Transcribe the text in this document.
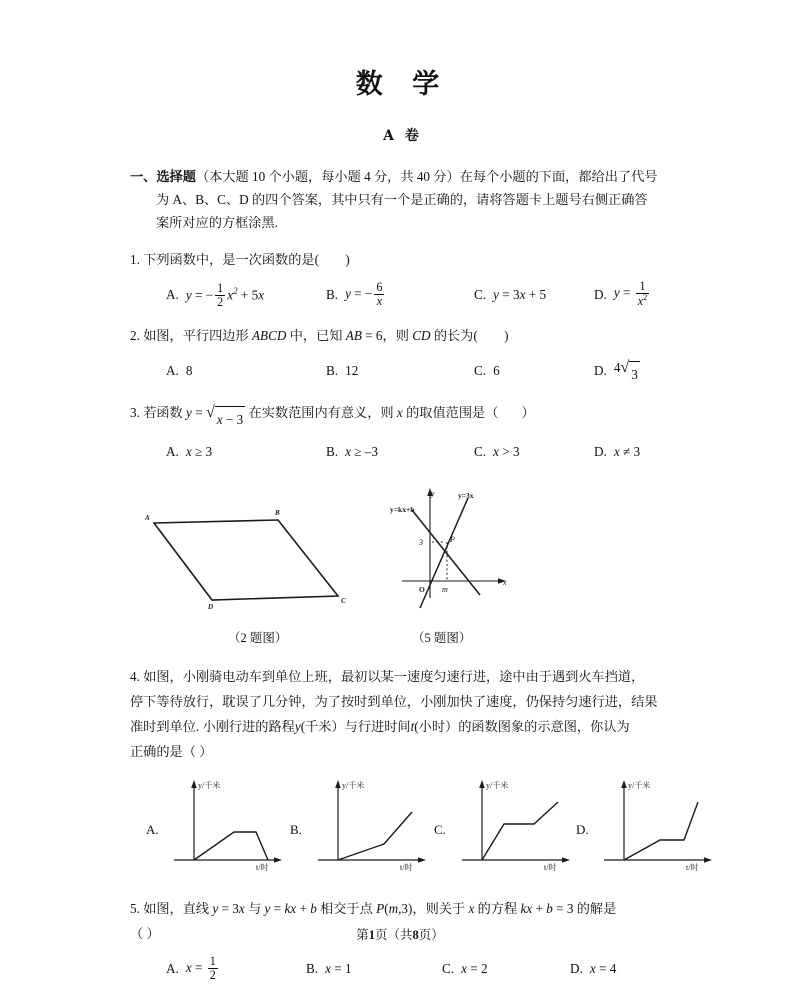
数 学
A 卷
一、选择题（本大题 10 个小题，每小题 4 分，共 40 分）在每个小题的下面，都给出了代号
为 A、B、C、D 的四个答案，其中只有一个是正确的，请将答题卡上题号右侧正确答
案所对应的方框涂黑.
1. 下列函数中，是一次函数的是(        )
A. y = − $\frac{1}{2} x^2 + 5x$	B. y = − $\frac{6}{x}$	C. y = 3x + 5	D. $y = \frac{1}{x^2}$
2. 如图，平行四边形 ABCD 中，已知 AB = 6，则 CD 的长为(        )
A. 8	B. 12	C. 6	D. 4 √ 3
3. 若函数 y = √ x − 3 在实数范围内有意义，则 x 的取值范围是（       ）
A. x ≥ 3	B. x ≥ –3	C. x > 3	D. x ≠ 3
A
B
C
D
y
x
O m
P
3
y=kx+b
y=3x
（2 题图）	（5 题图）
4. 如图，小刚骑电动车到单位上班，最初以某一速度匀速行进，途中由于遇到火车挡道，
停下等待放行，耽误了几分钟，为了按时到单位，小刚加快了速度，仍保持匀速行进，结果
准时到单位. 小刚行进的路程y(千米）与行进时间t(小时）的函数图象的示意图，你认为
正确的是（ ）
A.
y/千米
t/时
B.
y/千米
t/时
C.
y/千米
t/时
D.
y/千米
t/时
5. 如图，直线 y = 3x 与 y = kx + b 相交于点 P(m,3)，则关于 x 的方程 kx + b = 3 的解是
（ ）
A. $x = \frac{1}{2}$	B. x = 1	C. x = 2	D. x = 4
第1页（共8页）
